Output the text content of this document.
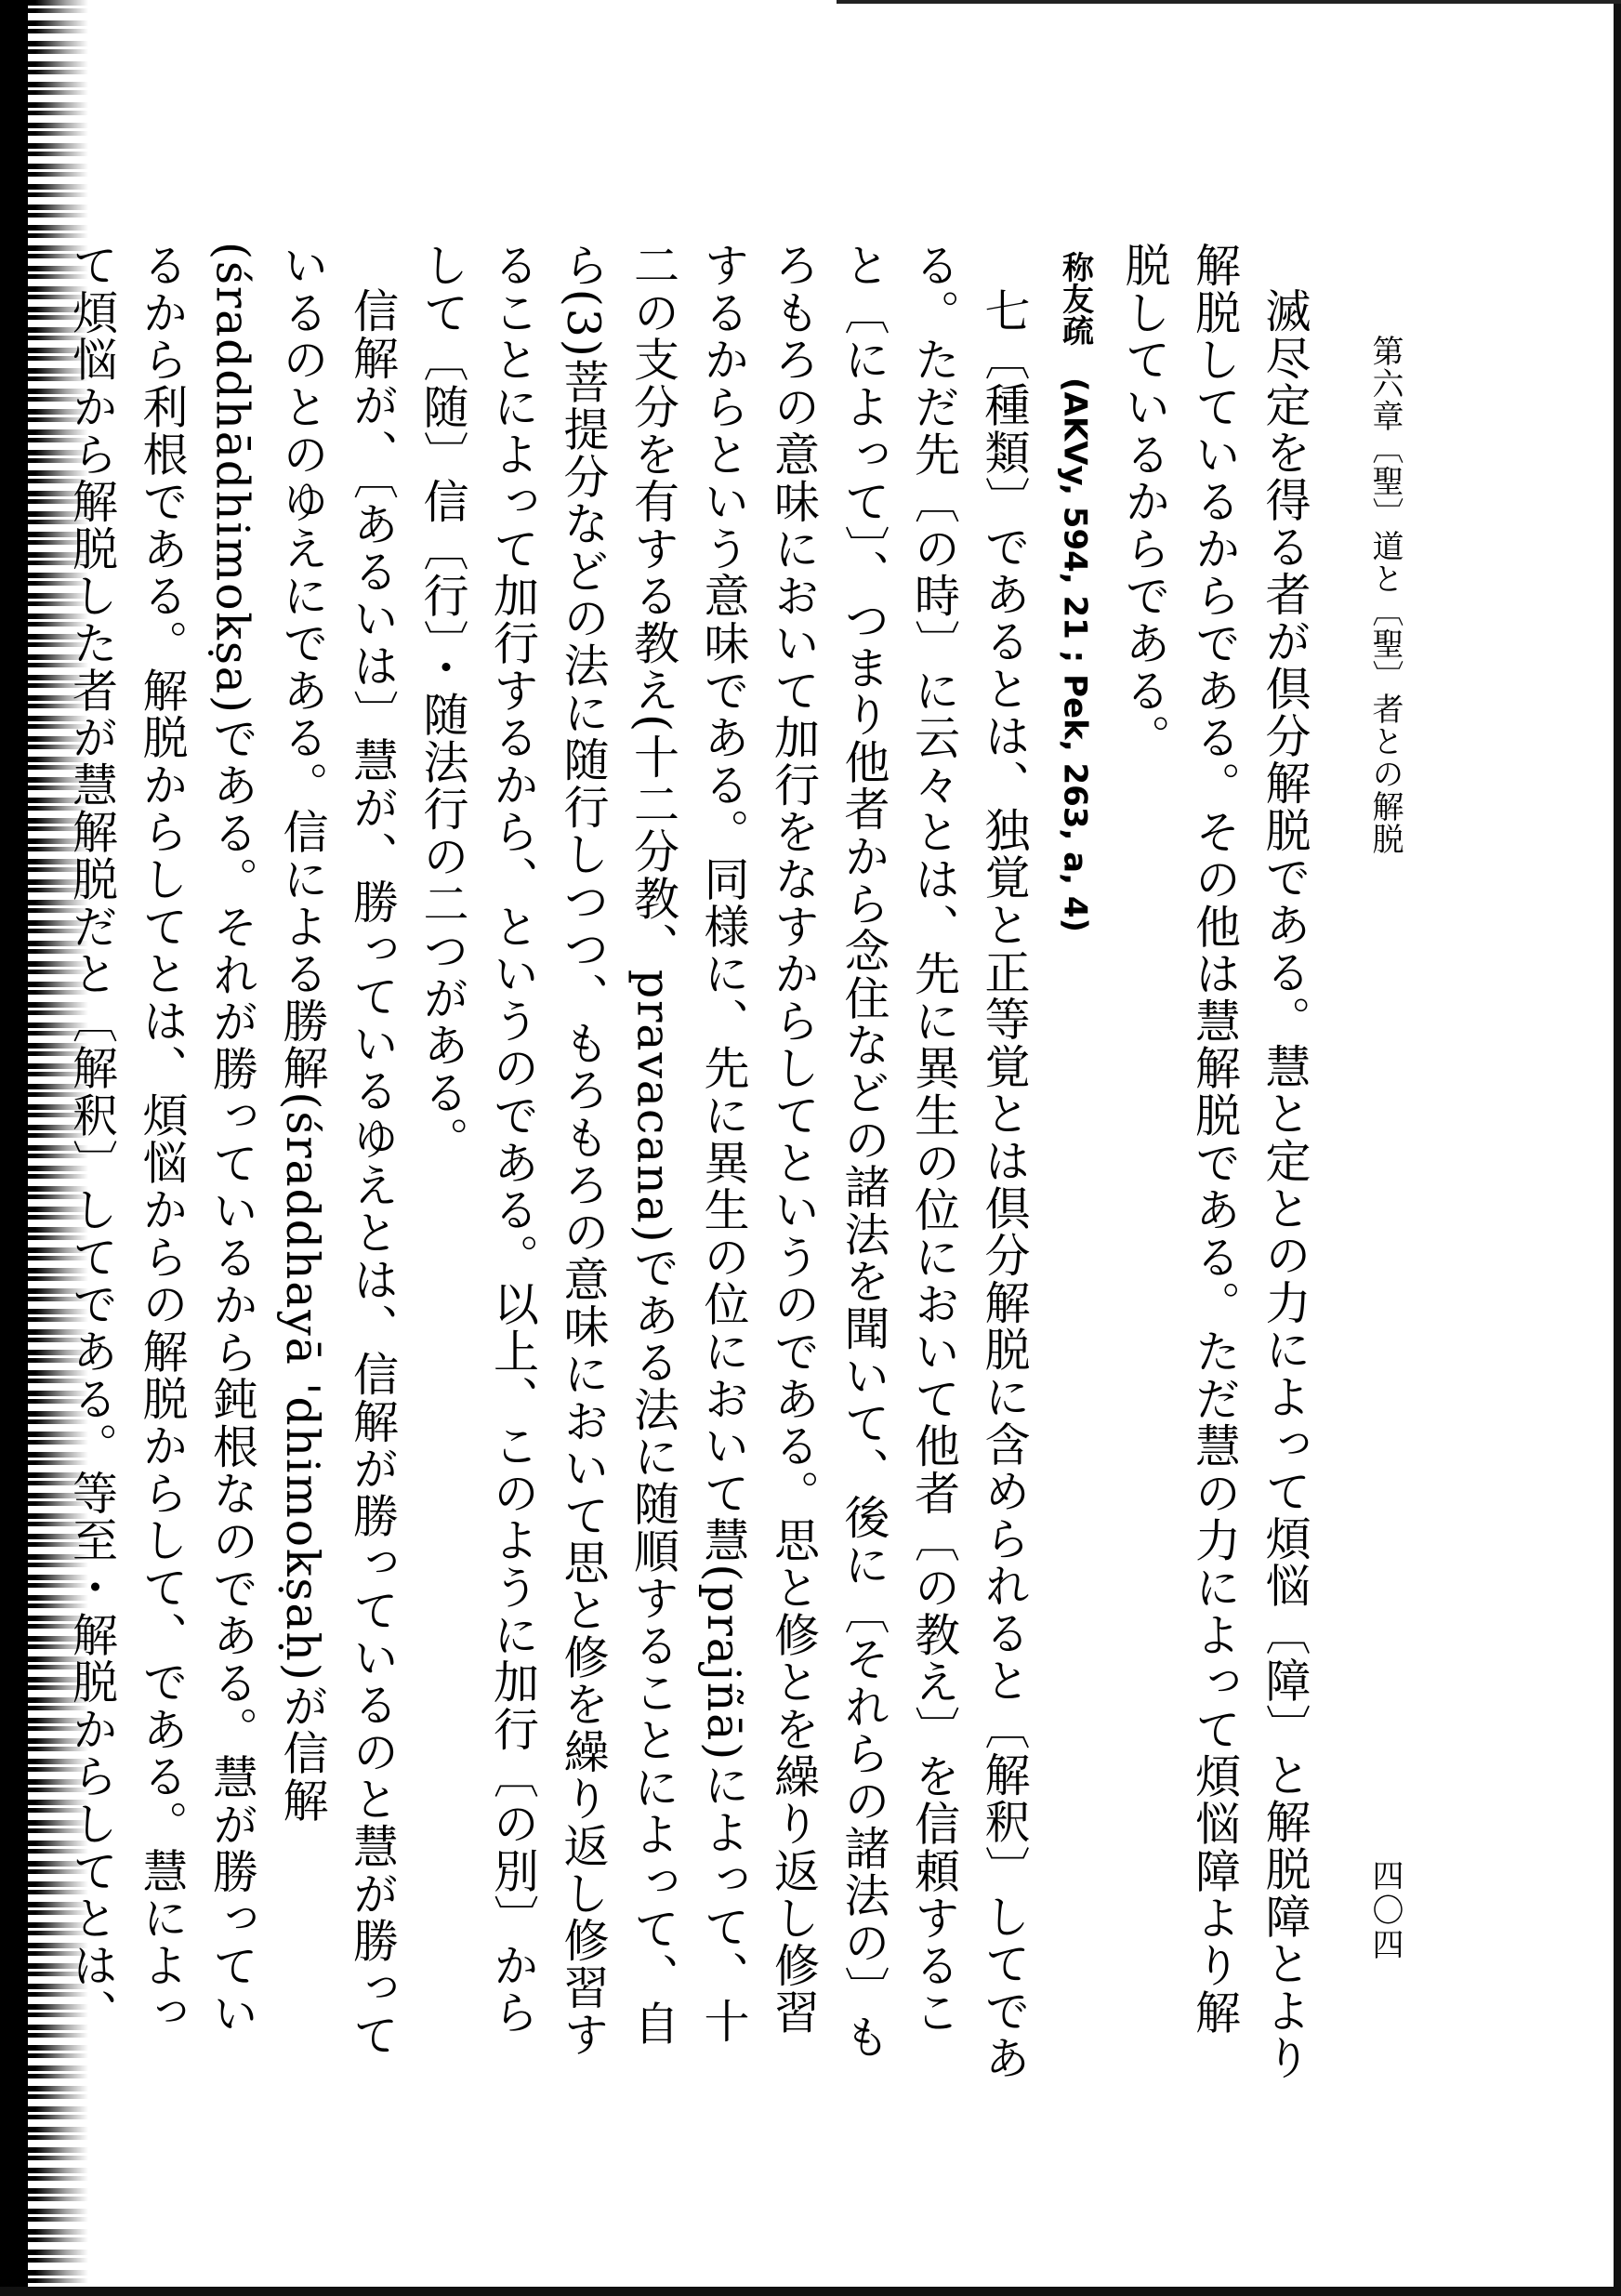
第六章〔聖〕道と〔聖〕者との解脱
四〇四

滅尽定を得る者が倶分解脱である。慧と定との力によって煩悩〔障〕と解脱障とより解脱しているからである。その他は慧解脱である。ただ慧の力によって煩悩障より解脱しているからである。

称友疏　(AKVy, 594, 21 ; Pek, 263, a, 4)

七〔種類〕であるとは、独覚と正等覚とは倶分解脱に含められると〔解釈〕してである。ただ先〔の時〕に云々とは、先に異生の位において他者〔の教え〕を信頼すること〔によって〕、つまり他者から念住などの諸法を聞いて、後に〔それらの諸法の〕もろもろの意味において加行をなすからしてというのである。思と修とを繰り返し修習するからという意味である。同様に、先に異生の位において慧(prajñā)によって、十二の支分を有する教え(十二分教、pravacana)である法に随順することによって、自ら(3)菩提分などの法に随行しつつ、もろもろの意味において思と修を繰り返し修習することによって加行するから、というのである。以上、このように加行〔の別〕からして〔随〕信〔行〕・随法行の二つがある。

信解が、〔あるいは〕慧が、勝っているゆえとは、信解が勝っているのと慧が勝っているのとのゆえにである。信による勝解(śraddhayā 'dhimokṣaḥ)が信解(śraddhādhimokṣa)である。それが勝っているから鈍根なのである。慧が勝っているから利根である。解脱からしてとは、煩悩からの解脱からして、である。慧によって煩悩から解脱した者が慧解脱だと〔解釈〕してである。等至・解脱からしてとは、
